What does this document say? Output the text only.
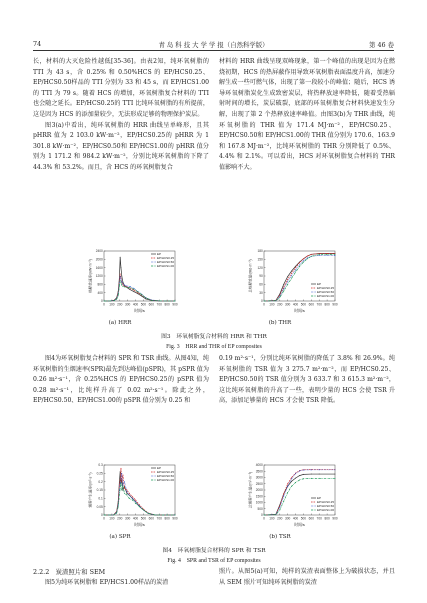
74	青 岛 科 技 大 学 学 报（自然科学版）	第 46 卷

长，材料的大灭危险性越低[35-36]。由表2知，纯环氧树脂的 TTI 为 43 s，含 0.25% 和 0.50%HCS 的 EP/HCS0.25、EP/HCS0.50样品的 TTI 分别为 33 和 45 s，而 EP/HCS1.00 的 TTI 为 79 s。随着 HCS 的增加，环氧树脂复合材料的 TTI 也会随之延长。EP/HCS0.25的 TTI 比纯环氧树脂的有所提前，这是因为 HCS 的添加量较少，无法形成足够的物理保护炭层。

图3(a)中看出，纯环氧树脂的 HRR 曲线呈单峰形，且其 pHRR 值为 2 103.0 kW·m⁻²，EP/HCS0.25的 pHRR 为 1 301.8 kW·m⁻²，EP/HCS0.50和 EP/HCS1.00的 pHRR 值分别为 1 171.2 和 984.2 kW·m⁻²，分别比纯环氧树脂的下降了 44.3% 和 53.2%。而且，含 HCS 的环氧树脂复合

材料的 HRR 曲线呈现双峰现象，第一个峰值的出现是因为在燃烧初期，HCS 的热屏蔽作用导致环氧树脂表面温度升高，加速分解生成一些可燃气体，出现了第一段较小的峰值；随后，HCS 诱导环氧树脂炭化生成致密炭层，将热释放速率降低，随着受热辐射时间的增长，炭层破裂，底部的环氧树脂复合材料快速发生分解，出现了第 2 个热释放速率峰值。由图3(b)为 THR 曲线，纯环氧树脂的 THR 值为 171.4 MJ·m⁻²，EP/HCS0.25、EP/HCS0.50和 EP/HCS1.00的 THR 值分别为 170.6、163.9 和 167.8 MJ·m⁻²，比纯环氧树脂的 THR 分别降低了 0.5%、4.4% 和 2.1%。可以看出，HCS 对环氧树脂复合材料的 THR 值影响不大。

0 100 200 300 400 500 600 700 800 900
0
400
800
1200
1600
2000
2400
时间/s
热释放速率/(kW·m⁻²)
EP
EP/HCS0.25
EP/HCS0.50
EP/HCS1.00
0 100 200 300 400 500 600 700 800 900
0
30
60
90
120
150
180
时间/s
总热释放量/(MJ·m⁻²)	EP
EP/HCS0.25
EP/HCS0.50
EP/HCS1.00
(a) HRR	(b) THR
图3　环氧树脂复合材料的 HRR 和 THR
Fig. 3　HRR and THR of EP composites

图4为环氧树脂复合材料的 SPR 和 TSR 曲线。从图4知，纯环氧树脂的生烟速率(SPR)最先到达峰值(pSPR)，其 pSPR 值为 0.26 m²·s⁻¹，含 0.25%HCS 的 EP/HCS0.25的 pSPR 值为 0.28 m²·s⁻¹，比纯样升高了 0.02 m²·s⁻¹。除此之外，EP/HCS0.50、EP/HCS1.00的 pSPR 值分别为 0.25 和

0.19 m²·s⁻¹，分别比纯环氧树脂的降低了 3.8% 和 26.9%。纯环氧树脂的 TSR 值为 3 275.7 m²·m⁻²，而 EP/HCS0.25、EP/HCS0.50的 TSR 值分别为 3 633.7 和 3 615.3 m²·m⁻²，这比纯环氧树脂的升高了一些，表明少量的 HCS 会使 TSR 升高，添加足够量的 HCS 才会使 TSR 降低。

0 100 200 300 400 500 600 700 800 900
0
0.05
0.1
0.15
0.2
0.25
0.3
时间/s
烟雾产生速率/(m²·s⁻¹)
EP
EP/HCS0.25
EP/HCS0.50
EP/HCS1.00
0 100 200 300 400 500 600 700 800 900
0
500
1000
1500
2000
2500
3000
3500
4000
时间/s
总烟雾产生量/(m²·m⁻²)	EP
EP/HCS0.25
EP/HCS0.50
EP/HCS1.00
(a) SPR	(b) TSR
图4　环氧树脂复合材料的 SPR 和 TSR
Fig. 4　SPR and TSR of EP composites
2.2.2　炭渣照片和 SEM

图5为纯环氧树脂和 EP/HCS1.00样品的炭渣

照片。从图5(a)可知，纯样的炭渣表面整体上为破损状态，并且从 SEM 照片可知纯环氧树脂的炭渣
